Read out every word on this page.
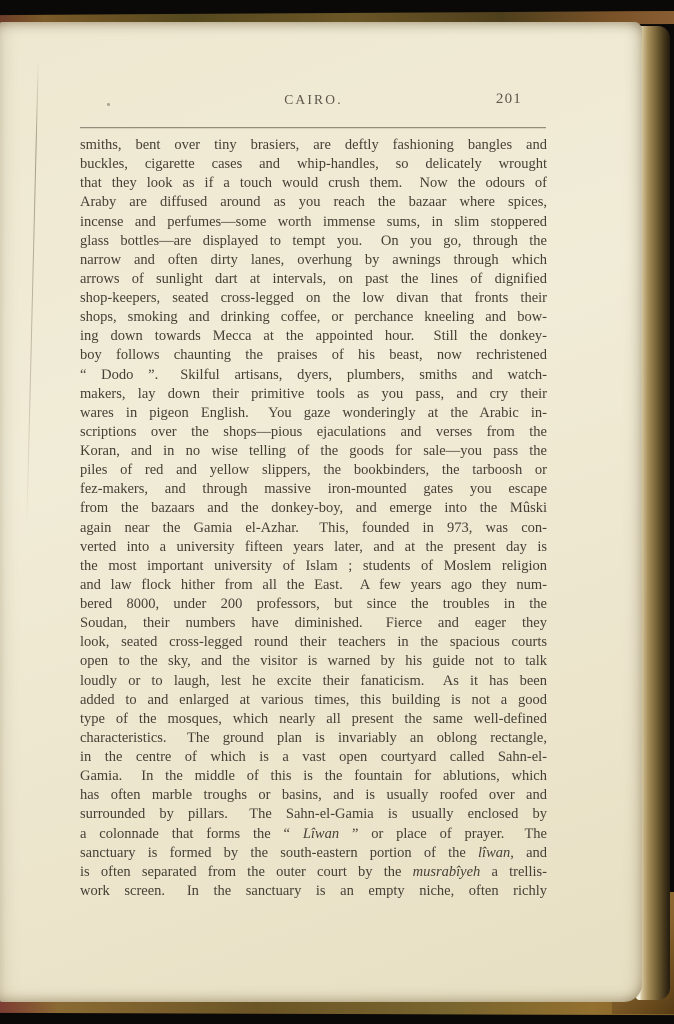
CAIRO.	201
smiths, bent over tiny brasiers, are deftly fashioning bangles and
buckles, cigarette cases and whip-handles, so delicately wrought
that they look as if a touch would crush them.  Now the odours of
Araby are diffused around as you reach the bazaar where spices,
incense and perfumes—some worth immense sums, in slim stoppered
glass bottles—are displayed to tempt you.  On you go, through the
narrow and often dirty lanes, overhung by awnings through which
arrows of sunlight dart at intervals, on past the lines of dignified
shop-keepers, seated cross-legged on the low divan that fronts their
shops, smoking and drinking coffee, or perchance kneeling and bow-
ing down towards Mecca at the appointed hour.  Still the donkey-
boy follows chaunting the praises of his beast, now rechristened
“ Dodo ”.  Skilful artisans, dyers, plumbers, smiths and watch-
makers, lay down their primitive tools as you pass, and cry their
wares in pigeon English.  You gaze wonderingly at the Arabic in-
scriptions over the shops—pious ejaculations and verses from the
Koran, and in no wise telling of the goods for sale—you pass the
piles of red and yellow slippers, the bookbinders, the tarboosh or
fez-makers, and through massive iron-mounted gates you escape
from the bazaars and the donkey-boy, and emerge into the Mûski
again near the Gamia el-Azhar.  This, founded in 973, was con-
verted into a university fifteen years later, and at the present day is
the most important university of Islam ; students of Moslem religion
and law flock hither from all the East.  A few years ago they num-
bered 8000, under 200 professors, but since the troubles in the
Soudan, their numbers have diminished.  Fierce and eager they
look, seated cross-legged round their teachers in the spacious courts
open to the sky, and the visitor is warned by his guide not to talk
loudly or to laugh, lest he excite their fanaticism.  As it has been
added to and enlarged at various times, this building is not a good
type of the mosques, which nearly all present the same well-defined
characteristics.  The ground plan is invariably an oblong rectangle,
in the centre of which is a vast open courtyard called Sahn-el-
Gamia.  In the middle of this is the fountain for ablutions, which
has often marble troughs or basins, and is usually roofed over and
surrounded by pillars.  The Sahn-el-Gamia is usually enclosed by
a colonnade that forms the “ Lîwan ” or place of prayer.  The
sanctuary is formed by the south-eastern portion of the lîwan, and
is often separated from the outer court by the musrabîyeh a trellis-
work screen.  In the sanctuary is an empty niche, often richly
